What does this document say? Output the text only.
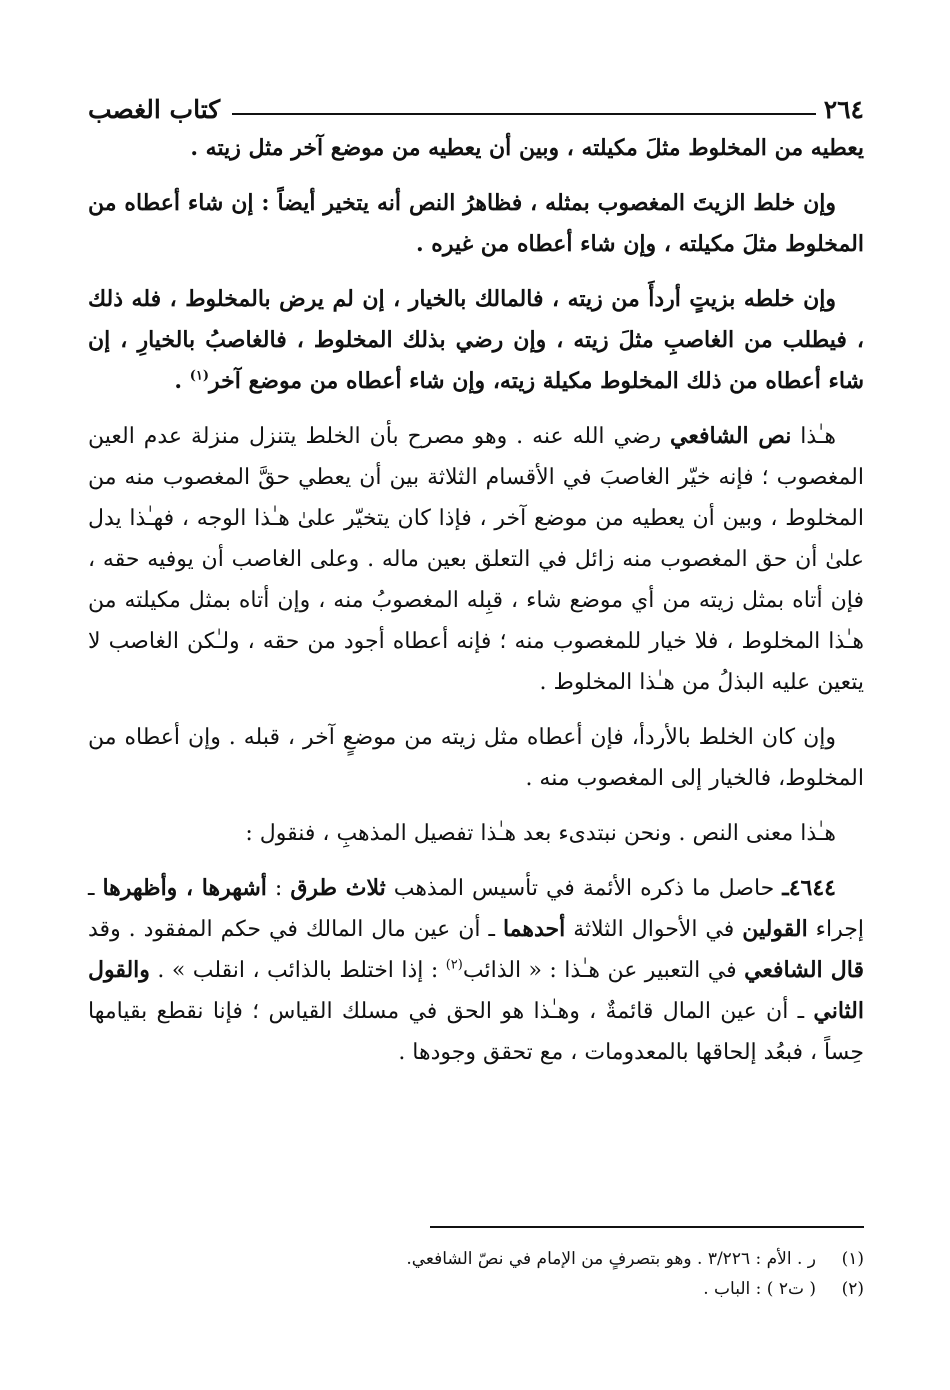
٢٦٤
كتاب الغصب

يعطيه من المخلوط مثلَ مكيلته ، وبين أن يعطيه من موضع آخر مثل زيته .

وإن خلط الزيتَ المغصوب بمثله ، فظاهرُ النص أنه يتخير أيضاً : إن شاء أعطاه من المخلوط مثلَ مكيلته ، وإن شاء أعطاه من غيره .

وإن خلطه بزيتٍ أردأَ من زيته ، فالمالك بالخيار ، إن لم يرض بالمخلوط ، فله ذلك ، فيطلب من الغاصبِ مثلَ زيته ، وإن رضي بذلك المخلوط ، فالغاصبُ بالخيارِ ، إن شاء أعطاه من ذلك المخلوط مكيلة زيته، وإن شاء أعطاه من موضع آخر$^{(١)}$ .

هـٰذا نص الشافعي رضي الله عنه . وهو مصرح بأن الخلط يتنزل منزلة عدم العين المغصوب ؛ فإنه خيّر الغاصبَ في الأقسام الثلاثة بين أن يعطي حقَّ المغصوب منه من المخلوط ، وبين أن يعطيه من موضع آخر ، فإذا كان يتخيّر علىٰ هـٰذا الوجه ، فهـٰذا يدل علىٰ أن حق المغصوب منه زائل في التعلق بعين ماله . وعلى الغاصب أن يوفيه حقه ، فإن أتاه بمثل زيته من أي موضع شاء ، قبِله المغصوبُ منه ، وإن أتاه بمثل مكيلته من هـٰذا المخلوط ، فلا خيار للمغصوب منه ؛ فإنه أعطاه أجود من حقه ، ولـٰكن الغاصب لا يتعين عليه البذلُ من هـٰذا المخلوط .

وإن كان الخلط بالأردأ، فإن أعطاه مثل زيته من موضعٍ آخر ، قبله . وإن أعطاه من المخلوط، فالخيار إلى المغصوب منه .

هـٰذا معنى النص . ونحن نبتدىء بعد هـٰذا تفصيل المذهبِ ، فنقول :

٤٦٤٤ـ حاصل ما ذكره الأئمة في تأسيس المذهب ثلاث طرق : أشهرها ، وأظهرها ـ إجراء القولين في الأحوال الثلاثة أحدهما ـ أن عين مال المالك في حكم المفقود . وقد قال الشافعي في التعبير عن هـٰذا : « الذائب$^{(٢)}$ : إذا اختلط بالذائب ، انقلب » . والقول الثاني ـ أن عين المال قائمةٌ ، وهـٰذا هو الحق في مسلك القياس ؛ فإنا نقطع بقيامها حِساً ، فبعُد إلحاقها بالمعدومات ، مع تحقق وجودها .

(١)
ر . الأم : ٣/٢٢٦ . وهو بتصرفٍ من الإمام في نصّ الشافعي.
(٢)
( ت٢ ) : الباب .
